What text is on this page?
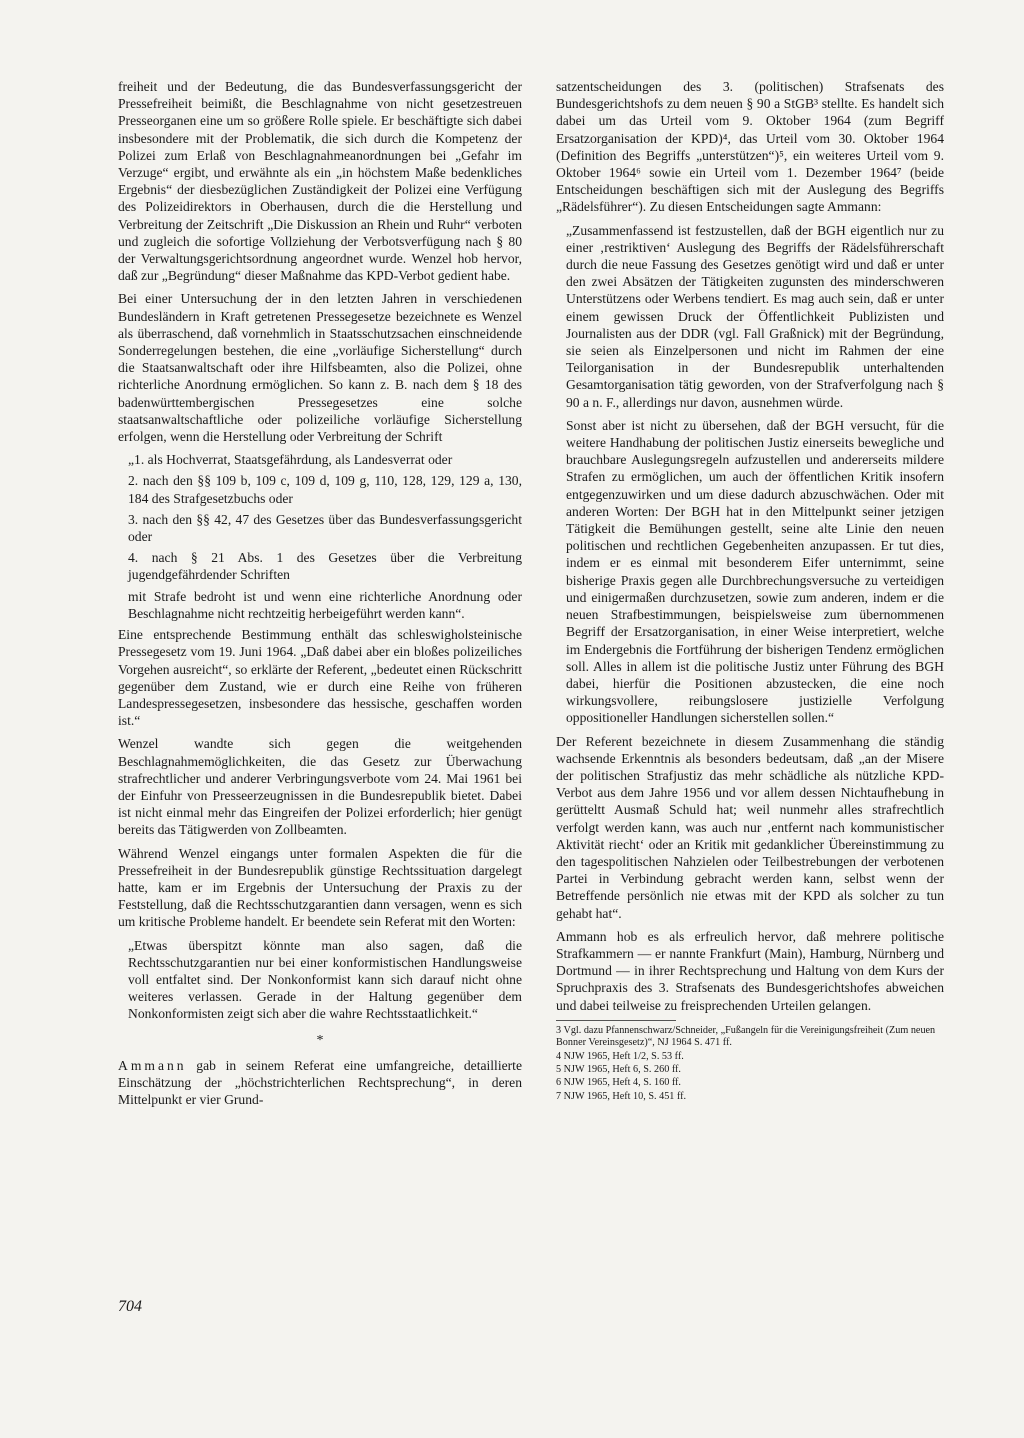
freiheit und der Bedeutung, die das Bundesverfassungsgericht der Pressefreiheit beimißt, die Beschlagnahme von nicht gesetzestreuen Presseorganen eine um so größere Rolle spiele. Er beschäftigte sich dabei insbesondere mit der Problematik, die sich durch die Kompetenz der Polizei zum Erlaß von Beschlagnahmeanordnungen bei „Gefahr im Verzuge“ ergibt, und erwähnte als ein „in höchstem Maße bedenkliches Ergebnis“ der diesbezüglichen Zuständigkeit der Polizei eine Verfügung des Polizeidirektors in Oberhausen, durch die die Herstellung und Verbreitung der Zeitschrift „Die Diskussion an Rhein und Ruhr“ verboten und zugleich die sofortige Vollziehung der Verbotsverfügung nach § 80 der Verwaltungsgerichtsordnung angeordnet wurde. Wenzel hob hervor, daß zur „Begründung“ dieser Maßnahme das KPD-Verbot gedient habe.

Bei einer Untersuchung der in den letzten Jahren in verschiedenen Bundesländern in Kraft getretenen Pressegesetze bezeichnete es Wenzel als überraschend, daß vornehmlich in Staatsschutzsachen einschneidende Sonderregelungen bestehen, die eine „vorläufige Sicherstellung“ durch die Staatsanwaltschaft oder ihre Hilfsbeamten, also die Polizei, ohne richterliche Anordnung ermöglichen. So kann z. B. nach dem § 18 des badenwürttembergischen Pressegesetzes eine solche staatsanwaltschaftliche oder polizeiliche vorläufige Sicherstellung erfolgen, wenn die Herstellung oder Verbreitung der Schrift

„1. als Hochverrat, Staatsgefährdung, als Landesverrat oder

2. nach den §§ 109 b, 109 c, 109 d, 109 g, 110, 128, 129, 129 a, 130, 184 des Strafgesetzbuchs oder

3. nach den §§ 42, 47 des Gesetzes über das Bundesverfassungsgericht oder

4. nach § 21 Abs. 1 des Gesetzes über die Verbreitung jugendgefährdender Schriften

mit Strafe bedroht ist und wenn eine richterliche Anordnung oder Beschlagnahme nicht rechtzeitig herbeigeführt werden kann“.

Eine entsprechende Bestimmung enthält das schleswigholsteinische Pressegesetz vom 19. Juni 1964. „Daß dabei aber ein bloßes polizeiliches Vorgehen ausreicht“, so erklärte der Referent, „bedeutet einen Rückschritt gegenüber dem Zustand, wie er durch eine Reihe von früheren Landespressegesetzen, insbesondere das hessische, geschaffen worden ist.“

Wenzel wandte sich gegen die weitgehenden Beschlagnahmemöglichkeiten, die das Gesetz zur Überwachung strafrechtlicher und anderer Verbringungsverbote vom 24. Mai 1961 bei der Einfuhr von Presseerzeugnissen in die Bundesrepublik bietet. Dabei ist nicht einmal mehr das Eingreifen der Polizei erforderlich; hier genügt bereits das Tätigwerden von Zollbeamten.

Während Wenzel eingangs unter formalen Aspekten die für die Pressefreiheit in der Bundesrepublik günstige Rechtssituation dargelegt hatte, kam er im Ergebnis der Untersuchung der Praxis zu der Feststellung, daß die Rechtsschutzgarantien dann versagen, wenn es sich um kritische Probleme handelt. Er beendete sein Referat mit den Worten:

„Etwas überspitzt könnte man also sagen, daß die Rechtsschutzgarantien nur bei einer konformistischen Handlungsweise voll entfaltet sind. Der Nonkonformist kann sich darauf nicht ohne weiteres verlassen. Gerade in der Haltung gegenüber dem Nonkonformisten zeigt sich aber die wahre Rechtsstaatlichkeit.“

*

Ammann gab in seinem Referat eine umfangreiche, detaillierte Einschätzung der „höchstrichterlichen Rechtsprechung“, in deren Mittelpunkt er vier Grund-

satzentscheidungen des 3. (politischen) Strafsenats des Bundesgerichtshofs zu dem neuen § 90 a StGB³ stellte. Es handelt sich dabei um das Urteil vom 9. Oktober 1964 (zum Begriff Ersatzorganisation der KPD)⁴, das Urteil vom 30. Oktober 1964 (Definition des Begriffs „unterstützen“)⁵, ein weiteres Urteil vom 9. Oktober 1964⁶ sowie ein Urteil vom 1. Dezember 1964⁷ (beide Entscheidungen beschäftigen sich mit der Auslegung des Begriffs „Rädelsführer“). Zu diesen Entscheidungen sagte Ammann:

„Zusammenfassend ist festzustellen, daß der BGH eigentlich nur zu einer ‚restriktiven‘ Auslegung des Begriffs der Rädelsführerschaft durch die neue Fassung des Gesetzes genötigt wird und daß er unter den zwei Absätzen der Tätigkeiten zugunsten des minderschweren Unterstützens oder Werbens tendiert. Es mag auch sein, daß er unter einem gewissen Druck der Öffentlichkeit Publizisten und Journalisten aus der DDR (vgl. Fall Graßnick) mit der Begründung, sie seien als Einzelpersonen und nicht im Rahmen der eine Teilorganisation in der Bundesrepublik unterhaltenden Gesamtorganisation tätig geworden, von der Strafverfolgung nach § 90 a n. F., allerdings nur davon, ausnehmen würde.

Sonst aber ist nicht zu übersehen, daß der BGH versucht, für die weitere Handhabung der politischen Justiz einerseits bewegliche und brauchbare Auslegungsregeln aufzustellen und andererseits mildere Strafen zu ermöglichen, um auch der öffentlichen Kritik insofern entgegenzuwirken und um diese dadurch abzuschwächen. Oder mit anderen Worten: Der BGH hat in den Mittelpunkt seiner jetzigen Tätigkeit die Bemühungen gestellt, seine alte Linie den neuen politischen und rechtlichen Gegebenheiten anzupassen. Er tut dies, indem er es einmal mit besonderem Eifer unternimmt, seine bisherige Praxis gegen alle Durchbrechungsversuche zu verteidigen und einigermaßen durchzusetzen, sowie zum anderen, indem er die neuen Strafbestimmungen, beispielsweise zum übernommenen Begriff der Ersatzorganisation, in einer Weise interpretiert, welche im Endergebnis die Fortführung der bisherigen Tendenz ermöglichen soll. Alles in allem ist die politische Justiz unter Führung des BGH dabei, hierfür die Positionen abzustecken, die eine noch wirkungsvollere, reibungslosere justizielle Verfolgung oppositioneller Handlungen sicherstellen sollen.“

Der Referent bezeichnete in diesem Zusammenhang die ständig wachsende Erkenntnis als besonders bedeutsam, daß „an der Misere der politischen Strafjustiz das mehr schädliche als nützliche KPD-Verbot aus dem Jahre 1956 und vor allem dessen Nichtaufhebung in gerütteltt Ausmaß Schuld hat; weil nunmehr alles strafrechtlich verfolgt werden kann, was auch nur ‚entfernt nach kommunistischer Aktivität riecht‘ oder an Kritik mit gedanklicher Übereinstimmung zu den tagespolitischen Nahzielen oder Teilbestrebungen der verbotenen Partei in Verbindung gebracht werden kann, selbst wenn der Betreffende persönlich nie etwas mit der KPD als solcher zu tun gehabt hat“.

Ammann hob es als erfreulich hervor, daß mehrere politische Strafkammern — er nannte Frankfurt (Main), Hamburg, Nürnberg und Dortmund — in ihrer Rechtsprechung und Haltung von dem Kurs der Spruchpraxis des 3. Strafsenats des Bundesgerichtshofes abweichen und dabei teilweise zu freisprechenden Urteilen gelangen.

3 Vgl. dazu Pfannenschwarz/Schneider, „Fußangeln für die Vereinigungsfreiheit (Zum neuen Bonner Vereinsgesetz)“, NJ 1964 S. 471 ff.

4 NJW 1965, Heft 1/2, S. 53 ff.

5 NJW 1965, Heft 6, S. 260 ff.

6 NJW 1965, Heft 4, S. 160 ff.

7 NJW 1965, Heft 10, S. 451 ff.

704
